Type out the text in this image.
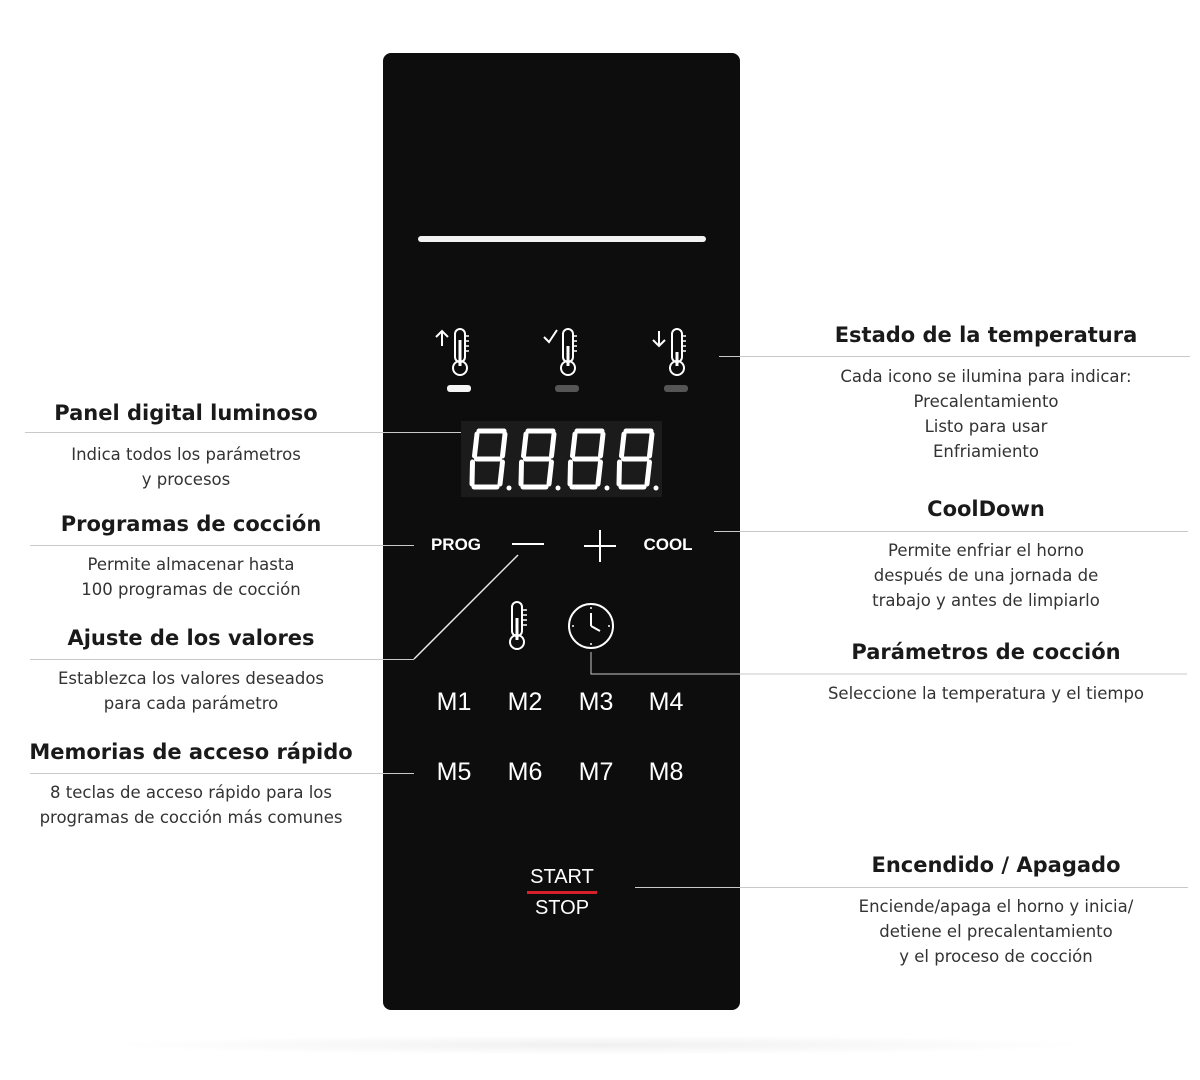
PROG	COOL
M1	M2	M3	M4
M5	M6	M7	M8
START
STOP
Panel digital luminoso
Indica todos los parámetros
y procesos
Programas de cocción
Permite almacenar hasta
100 programas de cocción
Ajuste de los valores
Establezca los valores deseados
para cada parámetro
Memorias de acceso rápido
8 teclas de acceso rápido para los
programas de cocción más comunes
Estado de la temperatura
Cada icono se ilumina para indicar:
Precalentamiento
Listo para usar
Enfriamiento
CoolDown
Permite enfriar el horno
después de una jornada de
trabajo y antes de limpiarlo
Parámetros de cocción
Seleccione la temperatura y el tiempo
Encendido / Apagado
Enciende/apaga el horno y inicia/
detiene el precalentamiento
y el proceso de cocción
